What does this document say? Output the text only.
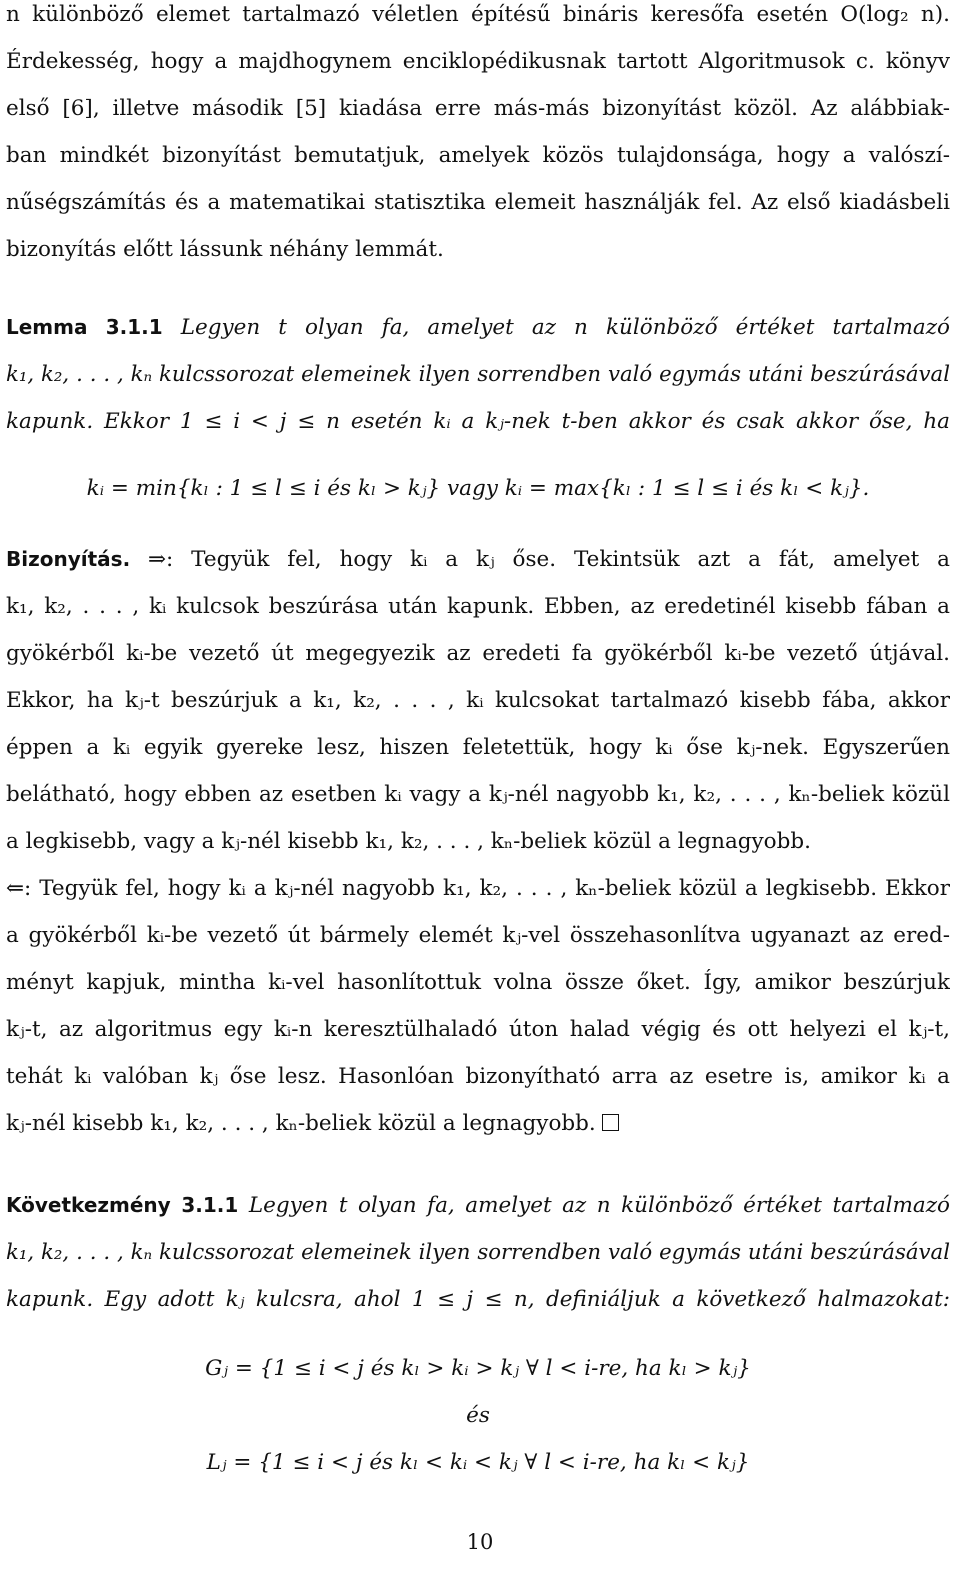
n különböző elemet tartalmazó véletlen építésű bináris keresőfa esetén O(log₂ n).
Érdekesség, hogy a majdhogynem enciklopédikusnak tartott Algoritmusok c. könyv
első [6], illetve második [5] kiadása erre más-más bizonyítást közöl. Az alábbiak-
ban mindkét bizonyítást bemutatjuk, amelyek közös tulajdonsága, hogy a valószí-
nűségszámítás és a matematikai statisztika elemeit használják fel. Az első kiadásbeli
bizonyítás előtt lássunk néhány lemmát.
Lemma 3.1.1 Legyen t olyan fa, amelyet az n különböző értéket tartalmazó
k₁, k₂, . . . , kₙ kulcssorozat elemeinek ilyen sorrendben való egymás utáni beszúrásával
kapunk. Ekkor 1 ≤ i < j ≤ n esetén kᵢ a kⱼ-nek t-ben akkor és csak akkor őse, ha
kᵢ = min{kₗ : 1 ≤ l ≤ i és kₗ > kⱼ} vagy kᵢ = max{kₗ : 1 ≤ l ≤ i és kₗ < kⱼ}.
Bizonyítás. ⇒: Tegyük fel, hogy kᵢ a kⱼ őse. Tekintsük azt a fát, amelyet a
k₁, k₂, . . . , kᵢ kulcsok beszúrása után kapunk. Ebben, az eredetinél kisebb fában a
gyökérből kᵢ-be vezető út megegyezik az eredeti fa gyökérből kᵢ-be vezető útjával.
Ekkor, ha kⱼ-t beszúrjuk a k₁, k₂, . . . , kᵢ kulcsokat tartalmazó kisebb fába, akkor
éppen a kᵢ egyik gyereke lesz, hiszen feletettük, hogy kᵢ őse kⱼ-nek. Egyszerűen
belátható, hogy ebben az esetben kᵢ vagy a kⱼ-nél nagyobb k₁, k₂, . . . , kₙ-beliek közül
a legkisebb, vagy a kⱼ-nél kisebb k₁, k₂, . . . , kₙ-beliek közül a legnagyobb.
⇐: Tegyük fel, hogy kᵢ a kⱼ-nél nagyobb k₁, k₂, . . . , kₙ-beliek közül a legkisebb. Ekkor
a gyökérből kᵢ-be vezető út bármely elemét kⱼ-vel összehasonlítva ugyanazt az ered-
ményt kapjuk, mintha kᵢ-vel hasonlítottuk volna össze őket. Így, amikor beszúrjuk
kⱼ-t, az algoritmus egy kᵢ-n keresztülhaladó úton halad végig és ott helyezi el kⱼ-t,
tehát kᵢ valóban kⱼ őse lesz. Hasonlóan bizonyítható arra az esetre is, amikor kᵢ a
kⱼ-nél kisebb k₁, k₂, . . . , kₙ-beliek közül a legnagyobb.
Következmény 3.1.1 Legyen t olyan fa, amelyet az n különböző értéket tartalmazó
k₁, k₂, . . . , kₙ kulcssorozat elemeinek ilyen sorrendben való egymás utáni beszúrásával
kapunk. Egy adott kⱼ kulcsra, ahol 1 ≤ j ≤ n, definiáljuk a következő halmazokat:
Gⱼ = {1 ≤ i < j és kₗ > kᵢ > kⱼ ∀ l < i-re, ha kₗ > kⱼ}
és
Lⱼ = {1 ≤ i < j és kₗ < kᵢ < kⱼ ∀ l < i-re, ha kₗ < kⱼ}
10
